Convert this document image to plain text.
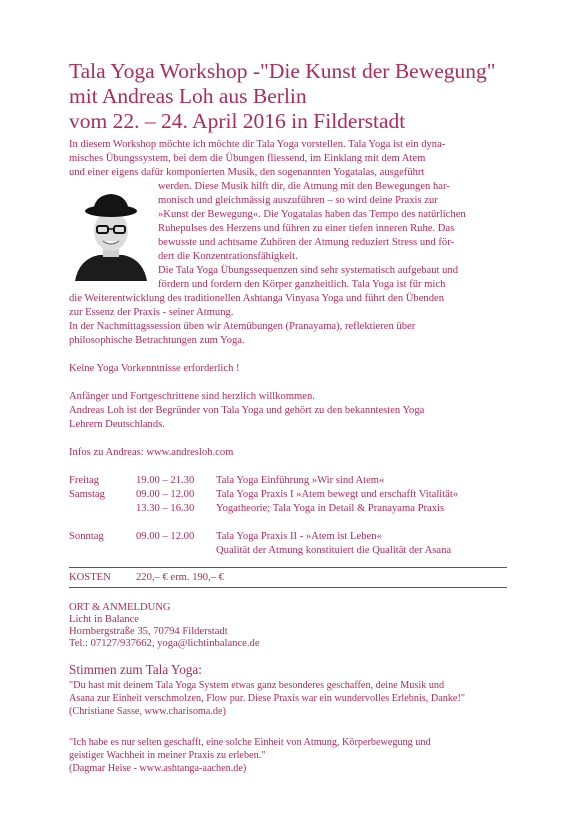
Tala Yoga Workshop -"Die Kunst der Bewegung"
mit Andreas Loh aus Berlin
vom 22. – 24. April 2016 in Filderstadt
In diesem Workshop möchte ich möchte dir Tala Yoga vorstellen. Tala Yoga ist ein dyna-
misches Übungssystem, bei dem die Übungen fliessend, im Einklang mit dem Atem
und einer eigens dafür komponierten Musik, den sogenannten Yogatalas, ausgeführt
werden. Diese Musik hilft dir, die Atmung mit den Bewegungen har-
monisch und gleichmässig auszuführen – so wird deine Praxis zur
»Kunst der Bewegung«. Die Yogatalas haben das Tempo des natürlichen
Ruhepulses des Herzens und führen zu einer tiefen inneren Ruhe. Das
bewusste und achtsame Zuhören der Atmung reduziert Stress und för-
dert die Konzentrationsfähigkeit.
Die Tala Yoga Übungssequenzen sind sehr systematisch aufgebaut und
fördern und fordern den Körper ganzheitlich. Tala Yoga ist für mich
die Weiterentwicklung des traditionellen Ashtanga Vinyasa Yoga und führt den Übenden
zur Essenz der Praxis - seiner Atmung.
In der Nachmittagssession üben wir Atemübungen (Pranayama), reflektieren über
philosophische Betrachtungen zum Yoga.
Keine Yoga Vorkenntnisse erforderlich !
Anfänger und Fortgeschrittene sind herzlich willkommen.
Andreas Loh ist der Begründer von Tala Yoga und gehört zu den bekanntesten Yoga
Lehrern Deutschlands.
Infos zu Andreas: www.andresloh.com
Freitag	19.00 – 21.30 Tala Yoga Einführung »Wir sind Atem«
Samstag	09.00 – 12.00 Tala Yoga Praxis I »Atem bewegt und erschafft Vitalität«
13.30 – 16.30 Yogatheorie; Tala Yoga in Detail & Pranayama Praxis
Sonntag	09.00 – 12.00 Tala Yoga Praxis II - »Atem ist Leben«
Qualität der Atmung konstituiert die Qualität der Asana
KOSTEN 220,– € erm. 190,– €
ORT & ANMELDUNG
Licht in Balance
Hornbergstraße 35, 70794 Filderstadt
Tel.: 07127/937662, yoga@lichtinbalance.de
Stimmen zum Tala Yoga:
"Du hast mit deinem Tala Yoga System etwas ganz besonderes geschaffen, deine Musik und
Asana zur Einheit verschmolzen, Flow pur. Diese Praxis war ein wundervolles Erlebnis, Danke!"
(Christiane Sasse, www.charisoma.de)
"Ich habe es nur selten geschafft, eine solche Einheit von Atmung, Körperbewegung und
geistiger Wachheit in meiner Praxis zu erleben."
(Dagmar Heise - www.ashtanga-aachen.de)
